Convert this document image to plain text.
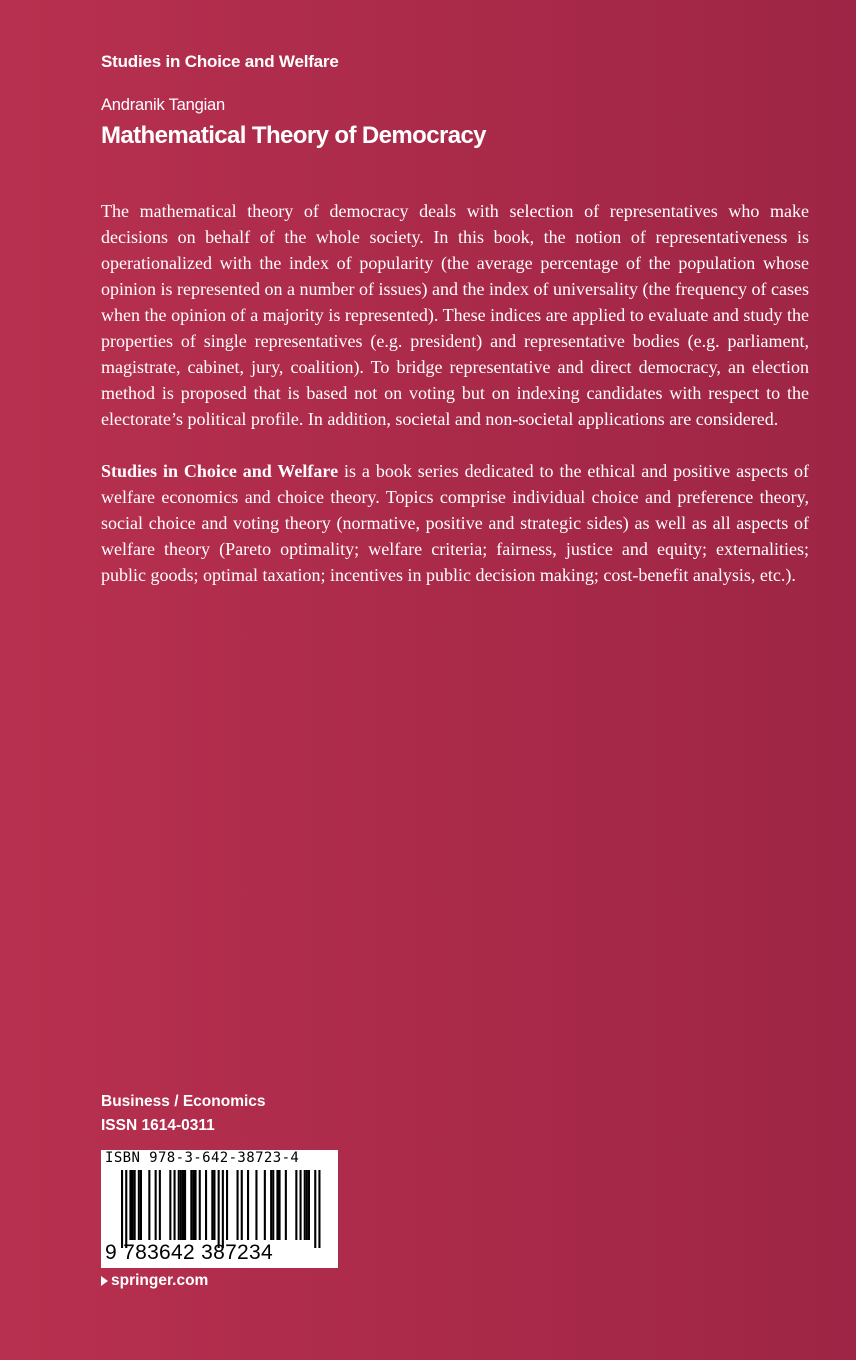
Studies in Choice and Welfare
Andranik Tangian
Mathematical Theory of Democracy

The mathematical theory of democracy deals with selection of representatives who make decisions on behalf of the whole society. In this book, the notion of representativeness is operationalized with the index of popularity (the average percentage of the population whose opinion is represented on a number of issues) and the index of universality (the frequency of cases when the opinion of a majority is represented). These indices are applied to evaluate and study the properties of single representatives (e.g. president) and representative bodies (e.g. parliament, magistrate, cabinet, jury, coalition). To bridge representative and direct democracy, an election method is proposed that is based not on voting but on indexing candidates with respect to the electorate’s political profile. In addition, societal and non-societal applications are considered.

Studies in Choice and Welfare is a book series dedicated to the ethical and positive aspects of welfare economics and choice theory. Topics comprise individual choice and preference theory, social choice and voting theory (normative, positive and strategic sides) as well as all aspects of welfare theory (Pareto optimality; welfare criteria; fairness, justice and equity; externalities; public goods; optimal taxation; incentives in public decision making; cost-benefit analysis, etc.).

Business / Economics
ISSN 1614-0311
ISBN 978-3-642-38723-4
9 783642 387234
springer.com
